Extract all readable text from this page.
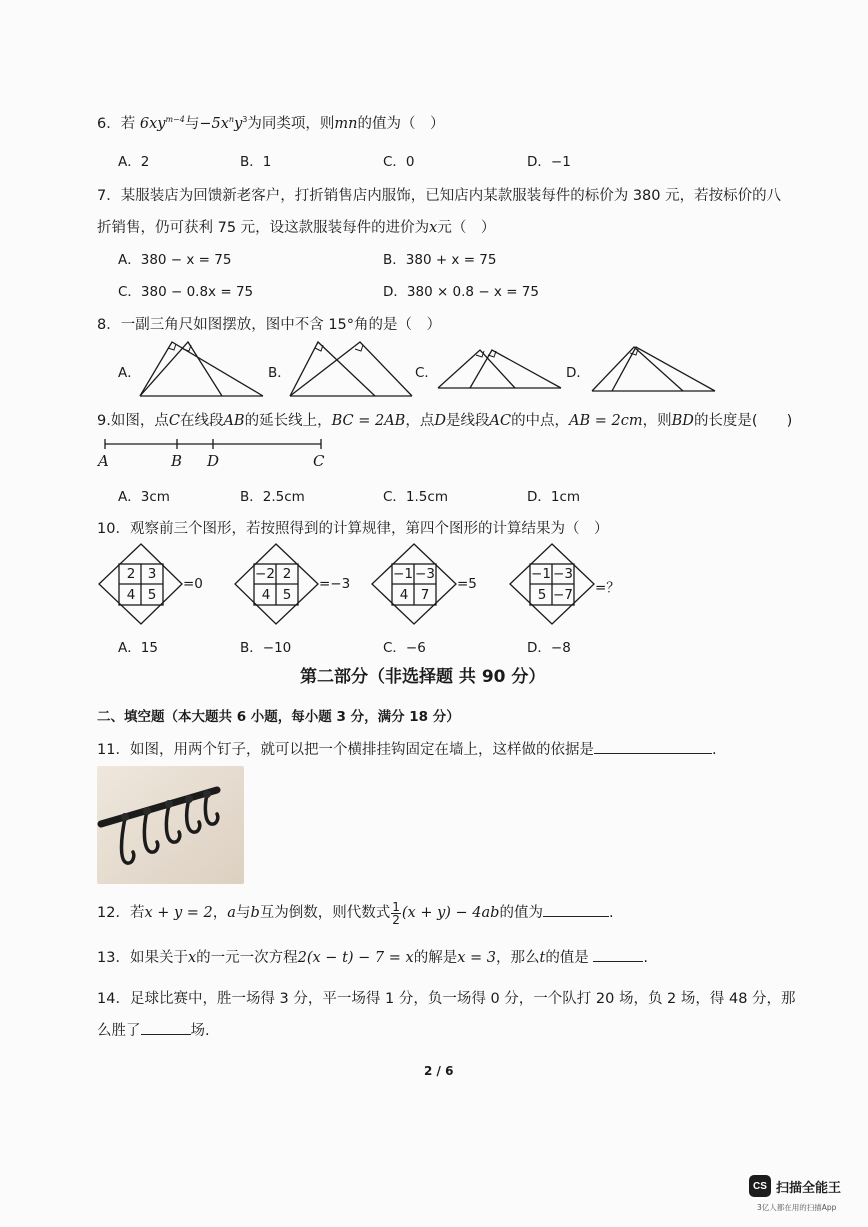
6．若 $6xy^{m-4}$与$-5x^ny^3$为同类项，则mn的值为（　）
A．2	B．1	C．0	D．−1
7．某服装店为回馈新老客户，打折销售店内服饰，已知店内某款服装每件的标价为 380 元，若按标价的八
折销售，仍可获利 75 元，设这款服装每件的进价为x元（　）
A．380 − x = 75	B．380 + x = 75
C．380 − 0.8x = 75	D．380 × 0.8 − x = 75
8．一副三角尺如图摆放，图中不含 15°角的是（　）
A．	B．	C．	D．
9.如图，点C在线段AB的延长线上，BC = 2AB，点D是线段AC的中点，AB = 2cm，则BD的长度是(　　)
A	B D	C
A．3cm	B．2.5cm	C．1.5cm	D．1cm
10．观察前三个图形，若按照得到的计算规律，第四个图形的计算结果为（　）
2 3
4 5
=0
−2 2
4 5
=−3
−1 −3
4 7
=5
−1 −3
5 −7 =？
A．15	B．−10	C．−6	D．−8
第二部分（非选择题 共 90 分）
二、填空题（本大题共 6 小题，每小题 3 分，满分 18 分）
11．如图，用两个钉子，就可以把一个横排挂钩固定在墙上，这样做的依据是	.
12．若x + y = 2，a与b互为倒数，则代数式 $\frac{1}{2} (x + y) - 4ab$的值为	.
13．如果关于x的一元一次方程2(x − t) − 7 = x的解是x = 3，那么t的值是	.
14．足球比赛中，胜一场得 3 分，平一场得 1 分，负一场得 0 分，一个队打 20 场，负 2 场，得 48 分，那
么胜了	场.
2 / 6
CS 扫描全能王
3亿人都在用的扫描App
